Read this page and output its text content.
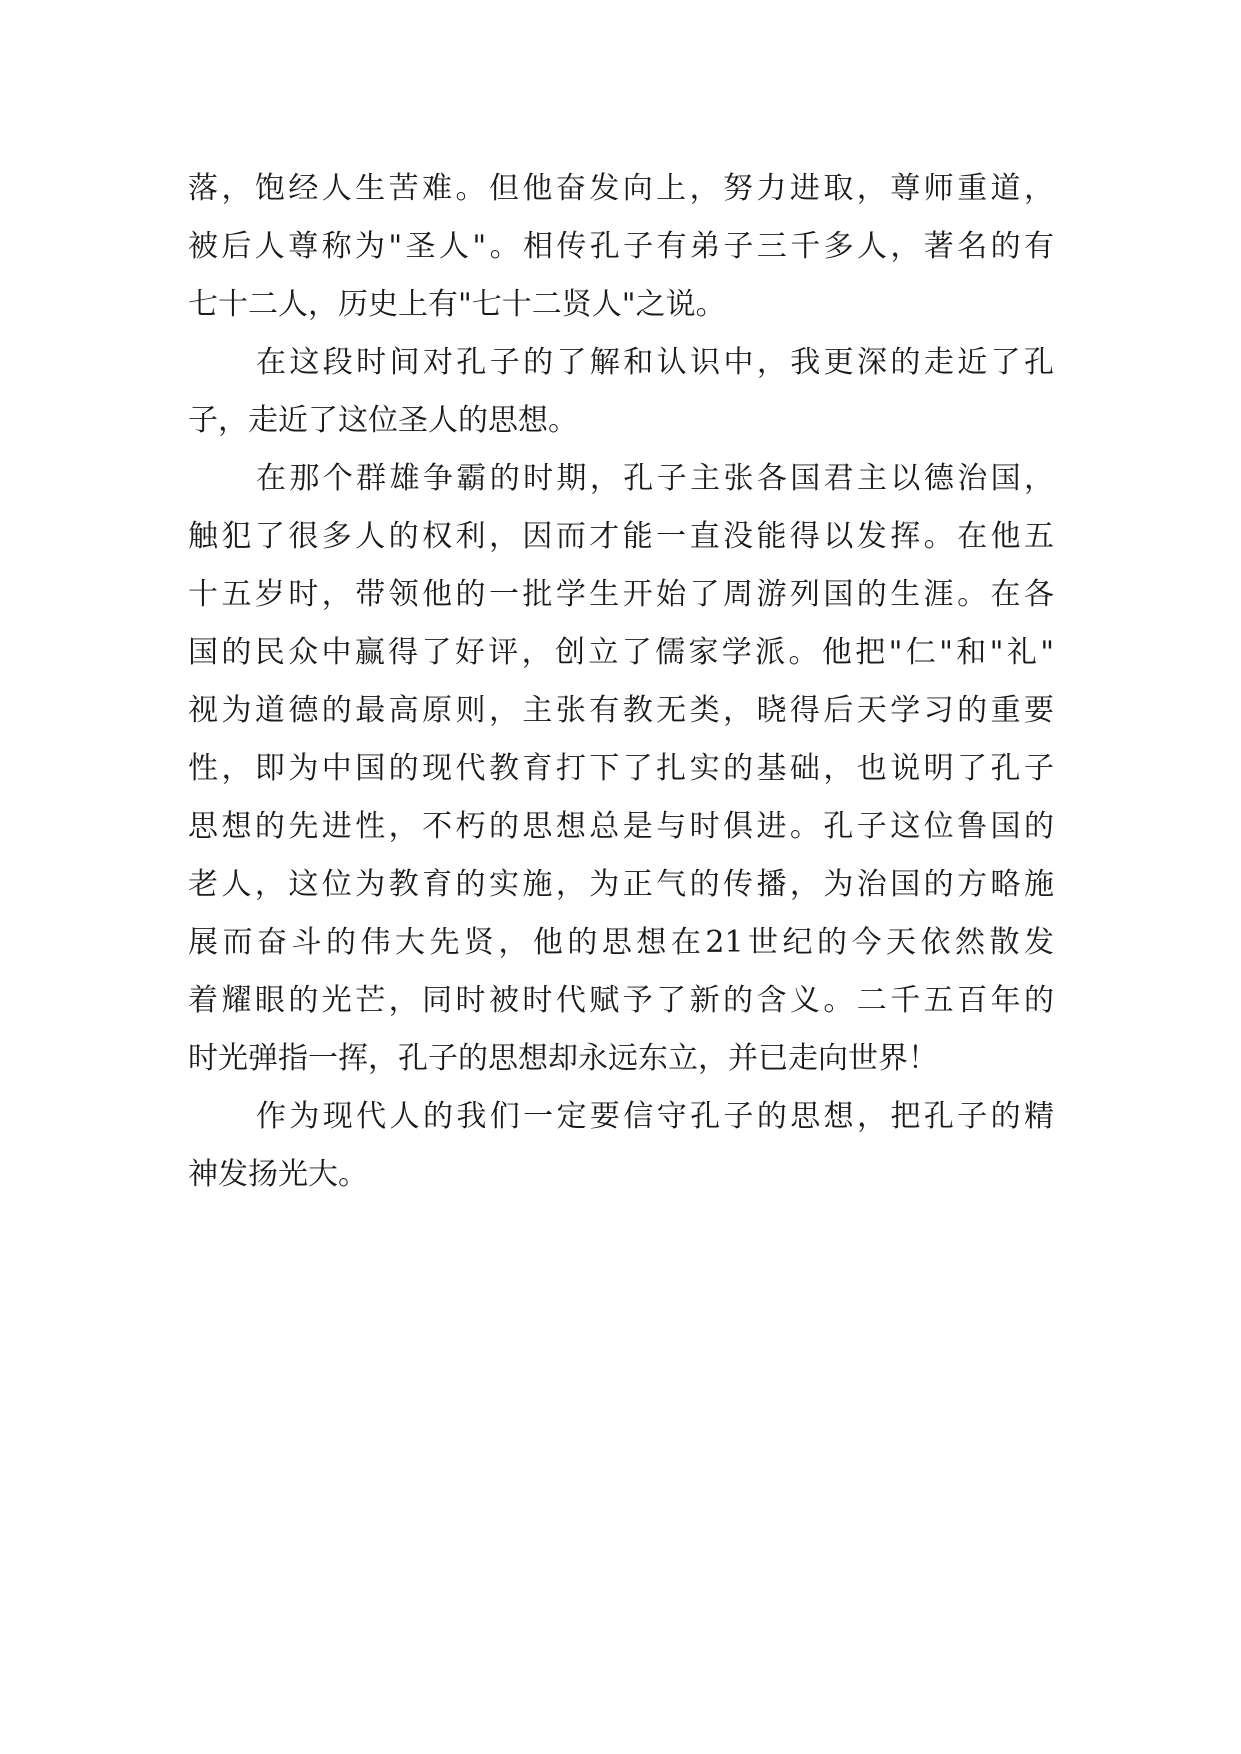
落，饱经人生苦难。但他奋发向上，努力进取，尊师重道，
被后人尊称为"圣人"。相传孔子有弟子三千多人，著名的有
七十二人，历史上有"七十二贤人"之说。
在这段时间对孔子的了解和认识中，我更深的走近了孔
子，走近了这位圣人的思想。
在那个群雄争霸的时期，孔子主张各国君主以德治国，
触犯了很多人的权利，因而才能一直没能得以发挥。在他五
十五岁时，带领他的一批学生开始了周游列国的生涯。在各
国的民众中赢得了好评，创立了儒家学派。他把"仁"和"礼"
视为道德的最高原则，主张有教无类，晓得后天学习的重要
性，即为中国的现代教育打下了扎实的基础，也说明了孔子
思想的先进性，不朽的思想总是与时俱进。孔子这位鲁国的
老人，这位为教育的实施，为正气的传播，为治国的方略施
展而奋斗的伟大先贤，他的思想在21世纪的今天依然散发
着耀眼的光芒，同时被时代赋予了新的含义。二千五百年的
时光弹指一挥，孔子的思想却永远东立，并已走向世界！
作为现代人的我们一定要信守孔子的思想，把孔子的精
神发扬光大。
